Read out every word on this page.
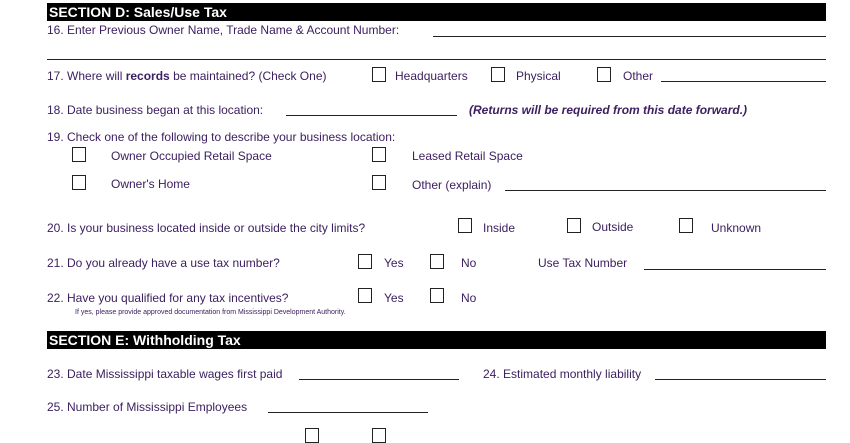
SECTION D: Sales/Use Tax
16. Enter Previous Owner Name, Trade Name & Account Number:
17. Where will records be maintained? (Check One)	Headquarters	Physical	Other
18. Date business began at this location:	(Returns will be required from this date forward.)
19. Check one of the following to describe your business location:
Owner Occupied Retail Space	Leased Retail Space
Owner's Home	Other (explain)
20. Is your business located inside or outside the city limits?	Inside	Outside	Unknown
21. Do you already have a use tax number?	Yes	No	Use Tax Number
22. Have you qualified for any tax incentives?	Yes	No
If yes, please provide approved documentation from Mississippi Development Authority.
SECTION E: Withholding Tax
23. Date Mississippi taxable wages first paid	24. Estimated monthly liability
25. Number of Mississippi Employees
